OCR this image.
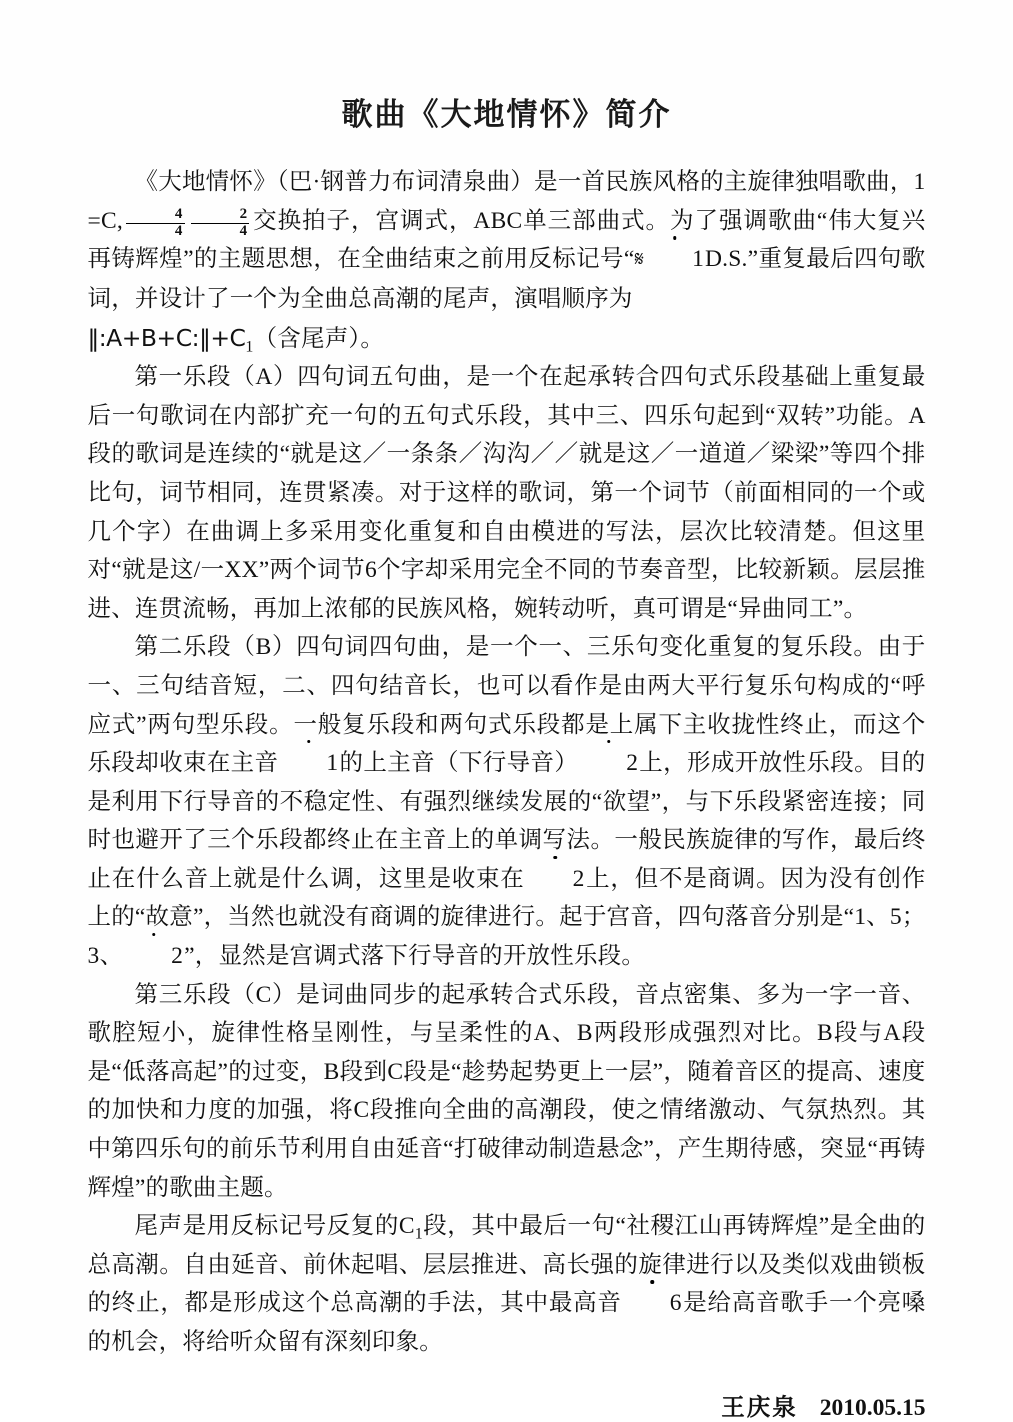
歌曲《大地情怀》简介

《大地情怀》（巴·钢普力布词清泉曲）是一首民族风格的主旋律独唱歌曲，1=C, $\frac{4}{4} \frac{2}{4}$ 交换拍子，宫调式，ABC单三部曲式。为了强调歌曲“伟大复兴再铸辉煌”的主题思想，在全曲结束之前用反标记号“𝄋 1D.S.”重复最后四句歌词，并设计了一个为全曲总高潮的尾声，演唱顺序为
$‖:A+B+C:‖+C_1$（含尾声）。

第一乐段（A）四句词五句曲，是一个在起承转合四句式乐段基础上重复最后一句歌词在内部扩充一句的五句式乐段，其中三、四乐句起到“双转”功能。A段的歌词是连续的“就是这／一条条／沟沟／／就是这／一道道／梁梁”等四个排比句，词节相同，连贯紧凑。对于这样的歌词，第一个词节（前面相同的一个或几个字）在曲调上多采用变化重复和自由模进的写法，层次比较清楚。但这里对“就是这/一XX”两个词节6个字却采用完全不同的节奏音型，比较新颖。层层推进、连贯流畅，再加上浓郁的民族风格，婉转动听，真可谓是“异曲同工”。

第二乐段（B）四句词四句曲，是一个一、三乐句变化重复的复乐段。由于一、三句结音短，二、四句结音长，也可以看作是由两大平行复乐句构成的“呼应式”两句型乐段。一般复乐段和两句式乐段都是上属下主收拢性终止，而这个乐段却收束在主音 1的上主音（下行导音） 2上，形成开放性乐段。目的是利用下行导音的不稳定性、有强烈继续发展的“欲望”，与下乐段紧密连接；同时也避开了三个乐段都终止在主音上的单调写法。一般民族旋律的写作，最后终止在什么音上就是什么调，这里是收束在 2上，但不是商调。因为没有创作上的“故意”，当然也就没有商调的旋律进行。起于宫音，四句落音分别是“1、5；3、 2”，显然是宫调式落下行导音的开放性乐段。

第三乐段（C）是词曲同步的起承转合式乐段，音点密集、多为一字一音、歌腔短小，旋律性格呈刚性，与呈柔性的A、B两段形成强烈对比。B段与A段是“低落高起”的过变，B段到C段是“趁势起势更上一层”，随着音区的提高、速度的加快和力度的加强，将C段推向全曲的高潮段，使之情绪激动、气氛热烈。其中第四乐句的前乐节利用自由延音“打破律动制造悬念”，产生期待感，突显“再铸辉煌”的歌曲主题。

尾声是用反标记号反复的$C_1$段，其中最后一句“社稷江山再铸辉煌”是全曲的总高潮。自由延音、前休起唱、层层推进、高长强的旋律进行以及类似戏曲锁板的终止，都是形成这个总高潮的手法，其中最高音 6是给高音歌手一个亮嗓的机会，将给听众留有深刻印象。

王庆泉 2010.05.15
